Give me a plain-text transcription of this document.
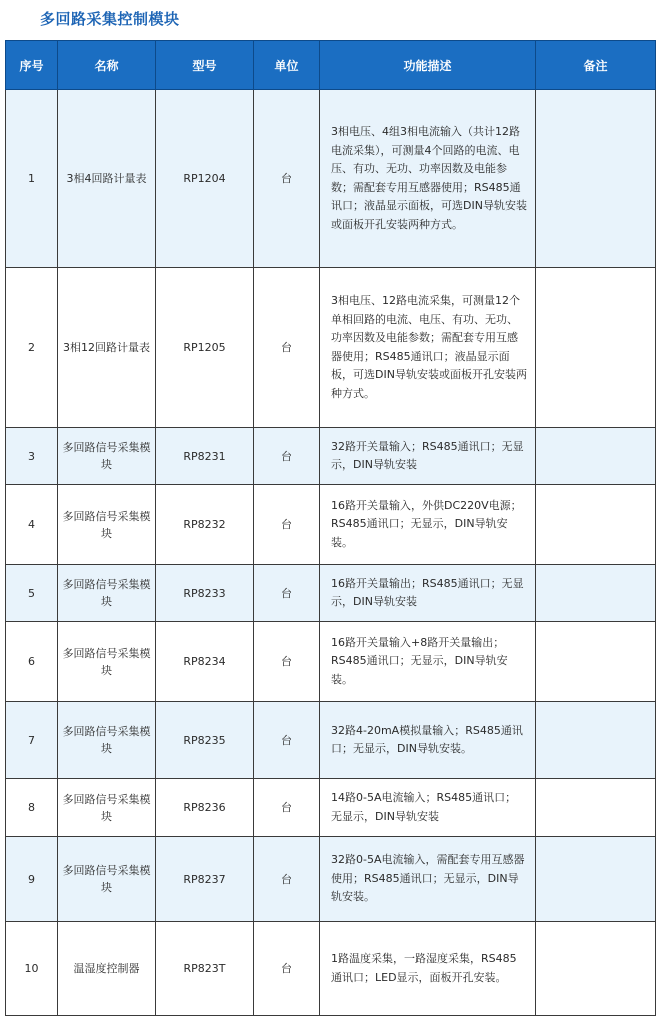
多回路采集控制模块
序号	名称	型号	单位	功能描述	备注
1	3相4回路计量表	RP1204	台	3相电压、4组3相电流输入（共计12路电流采集），可测量4个回路的电流、电压、有功、无功、功率因数及电能参数；需配套专用互感器使用；RS485通讯口；液晶显示面板，可选DIN导轨安装或面板开孔安装两种方式。	
2	3相12回路计量表	RP1205	台	3相电压、12路电流采集，可测量12个单相回路的电流、电压、有功、无功、功率因数及电能参数；需配套专用互感器使用；RS485通讯口；液晶显示面板，可选DIN导轨安装或面板开孔安装两种方式。	
3	多回路信号采集模块	RP8231	台	32路开关量输入；RS485通讯口；无显示，DIN导轨安装	
4	多回路信号采集模块	RP8232	台	16路开关量输入，外供DC220V电源；RS485通讯口；无显示，DIN导轨安装。	
5	多回路信号采集模块	RP8233	台	16路开关量输出；RS485通讯口；无显示，DIN导轨安装	
6	多回路信号采集模块	RP8234	台	16路开关量输入+8路开关量输出；RS485通讯口；无显示，DIN导轨安装。	
7	多回路信号采集模块	RP8235	台	32路4-20mA模拟量输入；RS485通讯口；无显示，DIN导轨安装。	
8	多回路信号采集模块	RP8236	台	14路0-5A电流输入；RS485通讯口；无显示，DIN导轨安装	
9	多回路信号采集模块	RP8237	台	32路0-5A电流输入，需配套专用互感器使用；RS485通讯口；无显示，DIN导轨安装。	
10	温湿度控制器	RP823T	台	1路温度采集，一路湿度采集，RS485通讯口；LED显示，面板开孔安装。	
